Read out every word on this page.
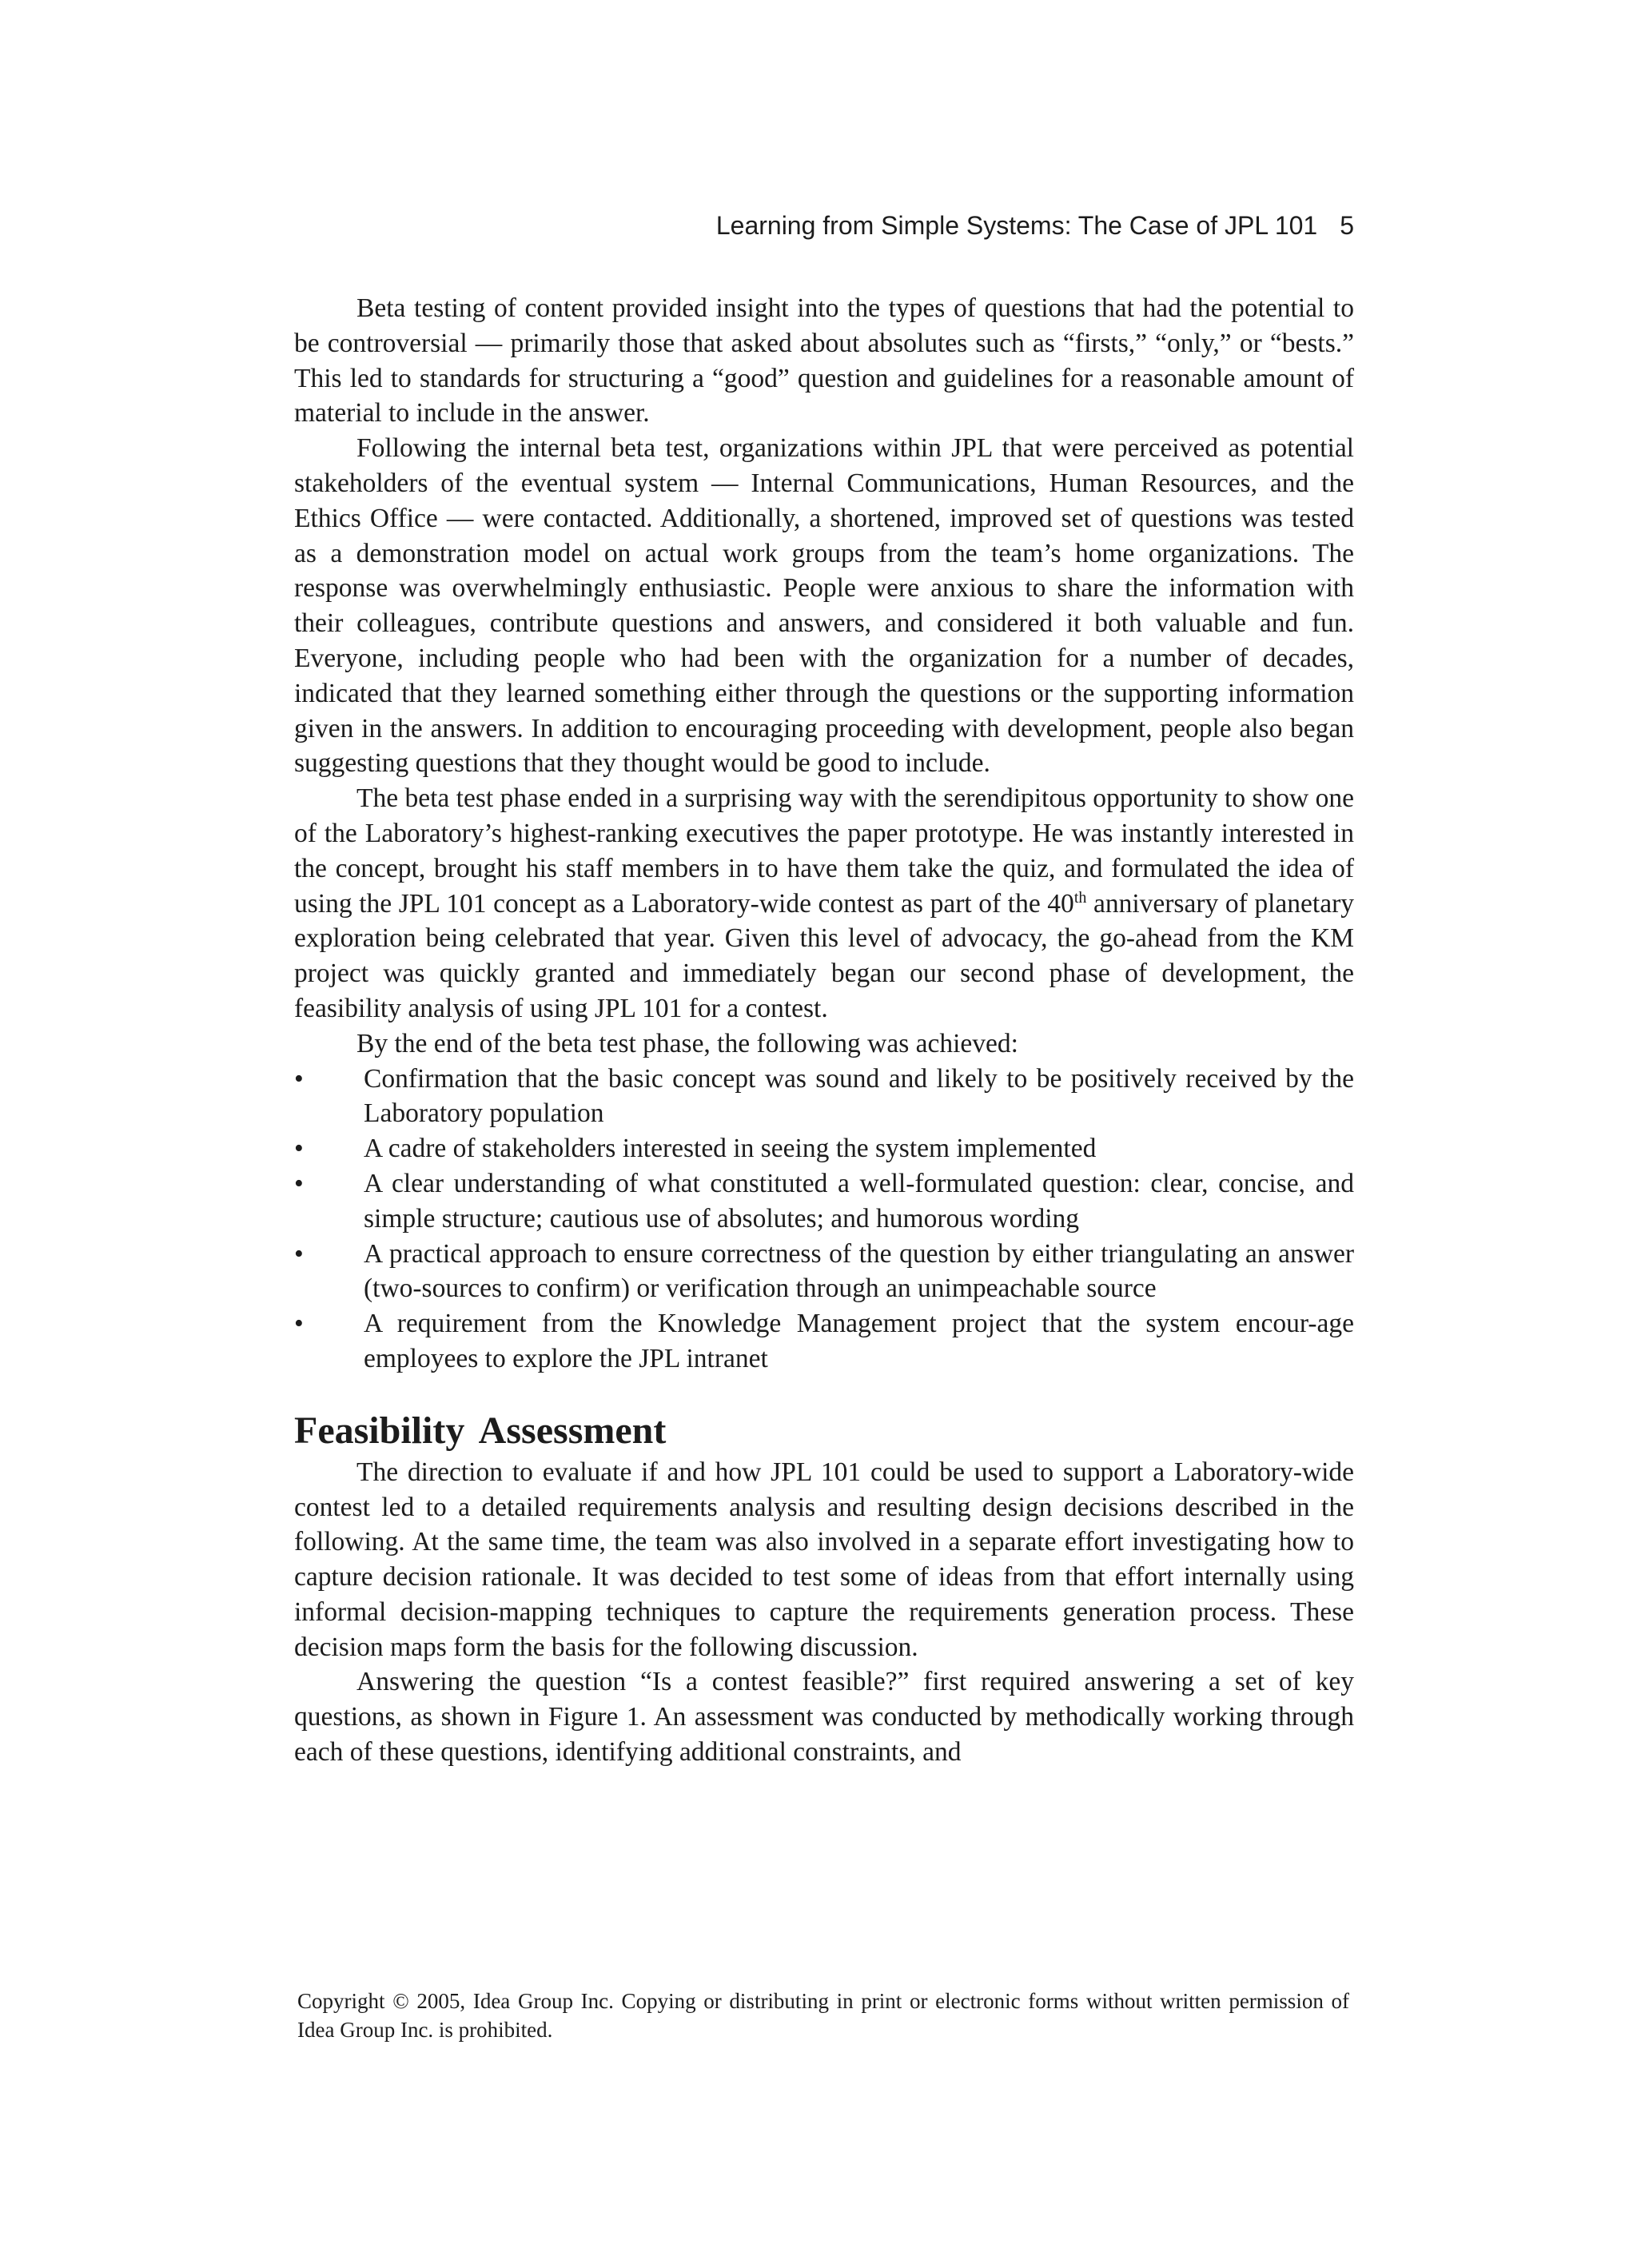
Learning from Simple Systems: The Case of JPL 101 5

Beta testing of content provided insight into the types of questions that had the potential to be controversial — primarily those that asked about absolutes such as “firsts,” “only,” or “bests.” This led to standards for structuring a “good” question and guidelines for a reasonable amount of material to include in the answer.

Following the internal beta test, organizations within JPL that were perceived as potential stakeholders of the eventual system — Internal Communications, Human Resources, and the Ethics Office — were contacted. Additionally, a shortened, improved set of questions was tested as a demonstration model on actual work groups from the team’s home organizations. The response was overwhelmingly enthusiastic. People were anxious to share the information with their colleagues, contribute questions and answers, and considered it both valuable and fun. Everyone, including people who had been with the organization for a number of decades, indicated that they learned something either through the questions or the supporting information given in the answers. In addition to encouraging proceeding with development, people also began suggesting questions that they thought would be good to include.

The beta test phase ended in a surprising way with the serendipitous opportunity to show one of the Laboratory’s highest-ranking executives the paper prototype. He was instantly interested in the concept, brought his staff members in to have them take the quiz, and formulated the idea of using the JPL 101 concept as a Laboratory-wide contest as part of the 40th anniversary of planetary exploration being celebrated that year. Given this level of advocacy, the go-ahead from the KM project was quickly granted and immediately began our second phase of development, the feasibility analysis of using JPL 101 for a contest.

By the end of the beta test phase, the following was achieved:

• Confirmation that the basic concept was sound and likely to be positively received by the Laboratory population
• A cadre of stakeholders interested in seeing the system implemented
• A clear understanding of what constituted a well-formulated question: clear, concise, and simple structure; cautious use of absolutes; and humorous wording
• A practical approach to ensure correctness of the question by either triangulating an answer (two-sources to confirm) or verification through an unimpeachable source
• A requirement from the Knowledge Management project that the system encour-age employees to explore the JPL intranet
Feasibility Assessment

The direction to evaluate if and how JPL 101 could be used to support a Laboratory-wide contest led to a detailed requirements analysis and resulting design decisions described in the following. At the same time, the team was also involved in a separate effort investigating how to capture decision rationale. It was decided to test some of ideas from that effort internally using informal decision-mapping techniques to capture the requirements generation process. These decision maps form the basis for the following discussion.

Answering the question “Is a contest feasible?” first required answering a set of key questions, as shown in Figure 1. An assessment was conducted by methodically working through each of these questions, identifying additional constraints, and

Copyright © 2005, Idea Group Inc. Copying or distributing in print or electronic forms without written permission of Idea Group Inc. is prohibited.
